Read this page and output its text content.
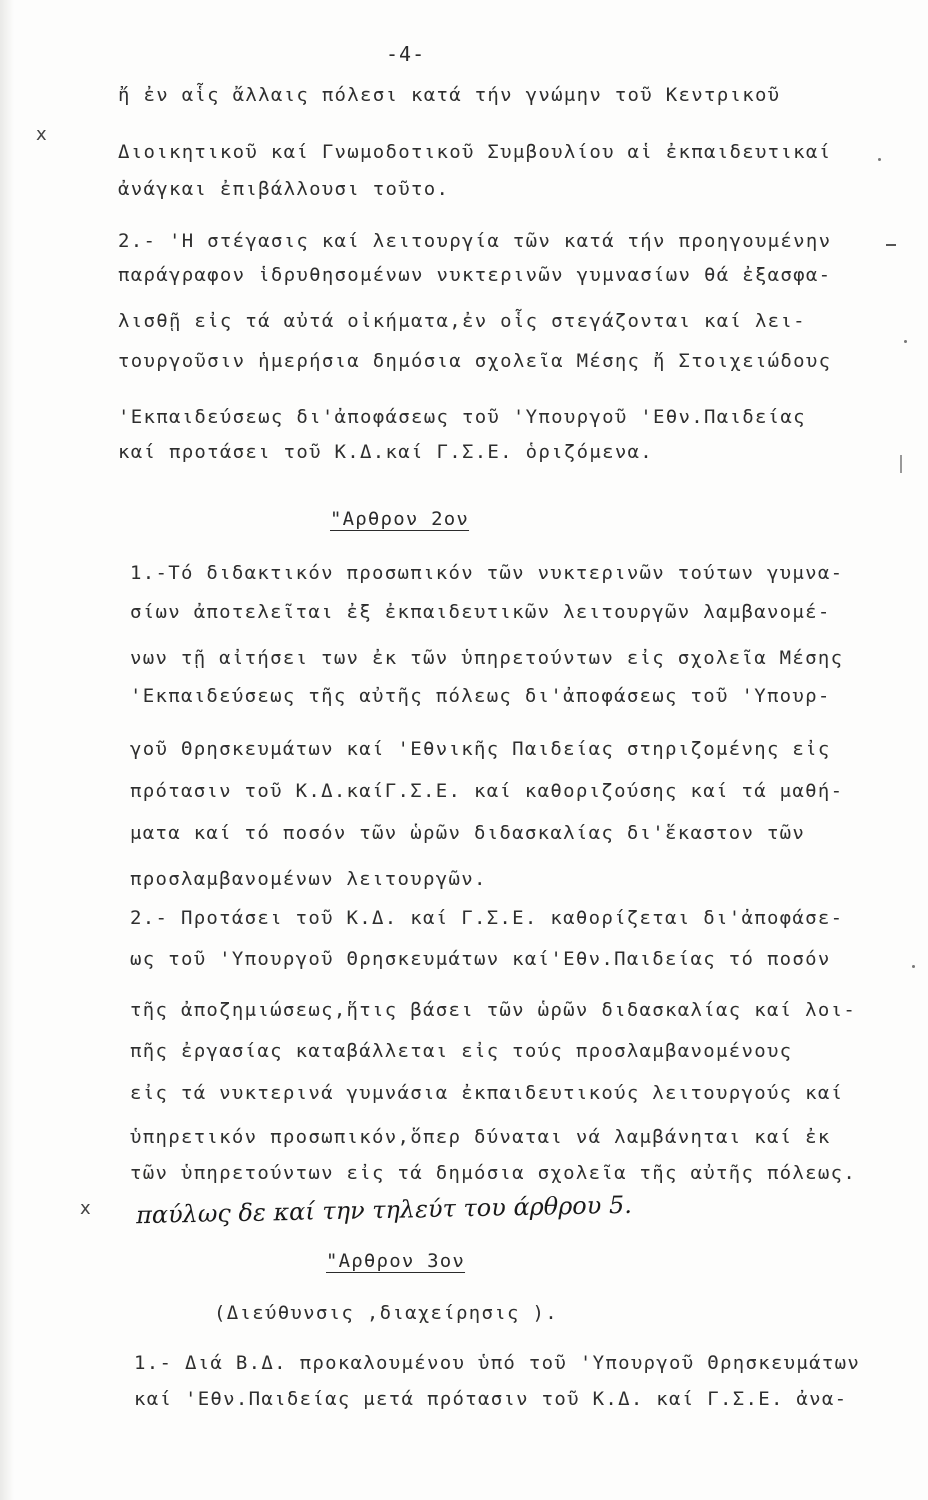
-4-
x
x
ἤ ἐν αἷς ἄλλαις πόλεσι κατά τήν γνώμην τοῦ Κεντρικοῦ
Διοικητικοῦ καί Γνωμοδοτικοῦ Συμβουλίου αἱ ἐκπαιδευτικαί
ἀνάγκαι ἐπιβάλλουσι τοῦτο.
2.- 'Η στέγασις καί λειτουργία τῶν κατά τήν προηγουμένην
παράγραφον ἱδρυθησομένων νυκτερινῶν γυμνασίων θά ἐξασφα-
λισθῇ εἰς τά αὐτά οἰκήματα,ἐν οἷς στεγάζονται καί λει-
τουργοῦσιν ἡμερήσια δημόσια σχολεῖα Μέσης ἤ Στοιχειώδους
'Εκπαιδεύσεως δι'ἀποφάσεως τοῦ 'Υπουργοῦ 'Εθν.Παιδείας
καί προτάσει τοῦ Κ.Δ.καί Γ.Σ.Ε. ὁριζόμενα.
"Αρθρον 2ον
1.-Τό διδακτικόν προσωπικόν τῶν νυκτερινῶν τούτων γυμνα-
σίων ἀποτελεῖται ἐξ ἐκπαιδευτικῶν λειτουργῶν λαμβανομέ-
νων τῇ αἰτήσει των ἐκ τῶν ὑπηρετούντων εἰς σχολεῖα Μέσης
'Εκπαιδεύσεως τῆς αὐτῆς πόλεως δι'ἀποφάσεως τοῦ 'Υπουρ-
γοῦ Θρησκευμάτων καί 'Εθνικῆς Παιδείας στηριζομένης εἰς
πρότασιν τοῦ Κ.Δ.καίΓ.Σ.Ε. καί καθοριζούσης καί τά μαθή-
ματα καί τό ποσόν τῶν ὡρῶν διδασκαλίας δι'ἕκαστον τῶν
προσλαμβανομένων λειτουργῶν.
2.- Προτάσει τοῦ Κ.Δ. καί Γ.Σ.Ε. καθορίζεται δι'ἀποφάσε-
ως τοῦ 'Υπουργοῦ Θρησκευμάτων καί'Εθν.Παιδείας τό ποσόν
τῆς ἀποζημιώσεως,ἥτις βάσει τῶν ὡρῶν διδασκαλίας καί λοι-
πῆς ἐργασίας καταβάλλεται εἰς τούς προσλαμβανομένους
εἰς τά νυκτερινά γυμνάσια ἐκπαιδευτικούς λειτουργούς καί
ὑπηρετικόν προσωπικόν,ὅπερ δύναται νά λαμβάνηται καί ἐκ
τῶν ὑπηρετούντων εἰς τά δημόσια σχολεῖα τῆς αὐτῆς πόλεως.
παύλως δε καί την τηλεύτ του άρθρου 5.
"Αρθρον 3ον
(Διεύθυνσις ,διαχείρησις ).
1.- Διά Β.Δ. προκαλουμένου ὑπό τοῦ 'Υπουργοῦ Θρησκευμάτων
καί 'Εθν.Παιδείας μετά πρότασιν τοῦ Κ.Δ. καί Γ.Σ.Ε. ἀνα-
